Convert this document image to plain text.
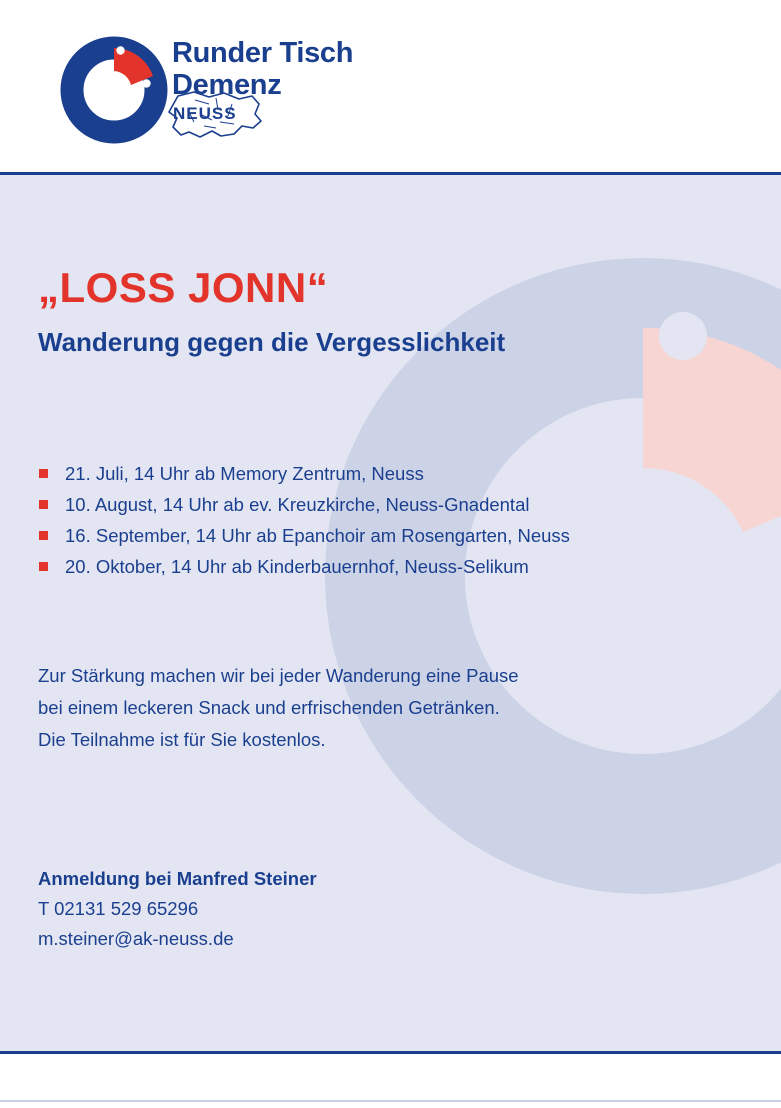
Runder Tisch
Demenz
NEUSS
„LOSS JONN“
Wanderung gegen die Vergesslichkeit
21. Juli, 14 Uhr ab Memory Zentrum, Neuss
10. August, 14 Uhr ab ev. Kreuzkirche, Neuss-Gnadental
16. September, 14 Uhr ab Epanchoir am Rosengarten, Neuss
20. Oktober, 14 Uhr ab Kinderbauernhof, Neuss-Selikum
Zur Stärkung machen wir bei jeder Wanderung eine Pause
bei einem leckeren Snack und erfrischenden Getränken.
Die Teilnahme ist für Sie kostenlos.
Anmeldung bei Manfred Steiner
T 02131 529 65296
m.steiner@ak-neuss.de
